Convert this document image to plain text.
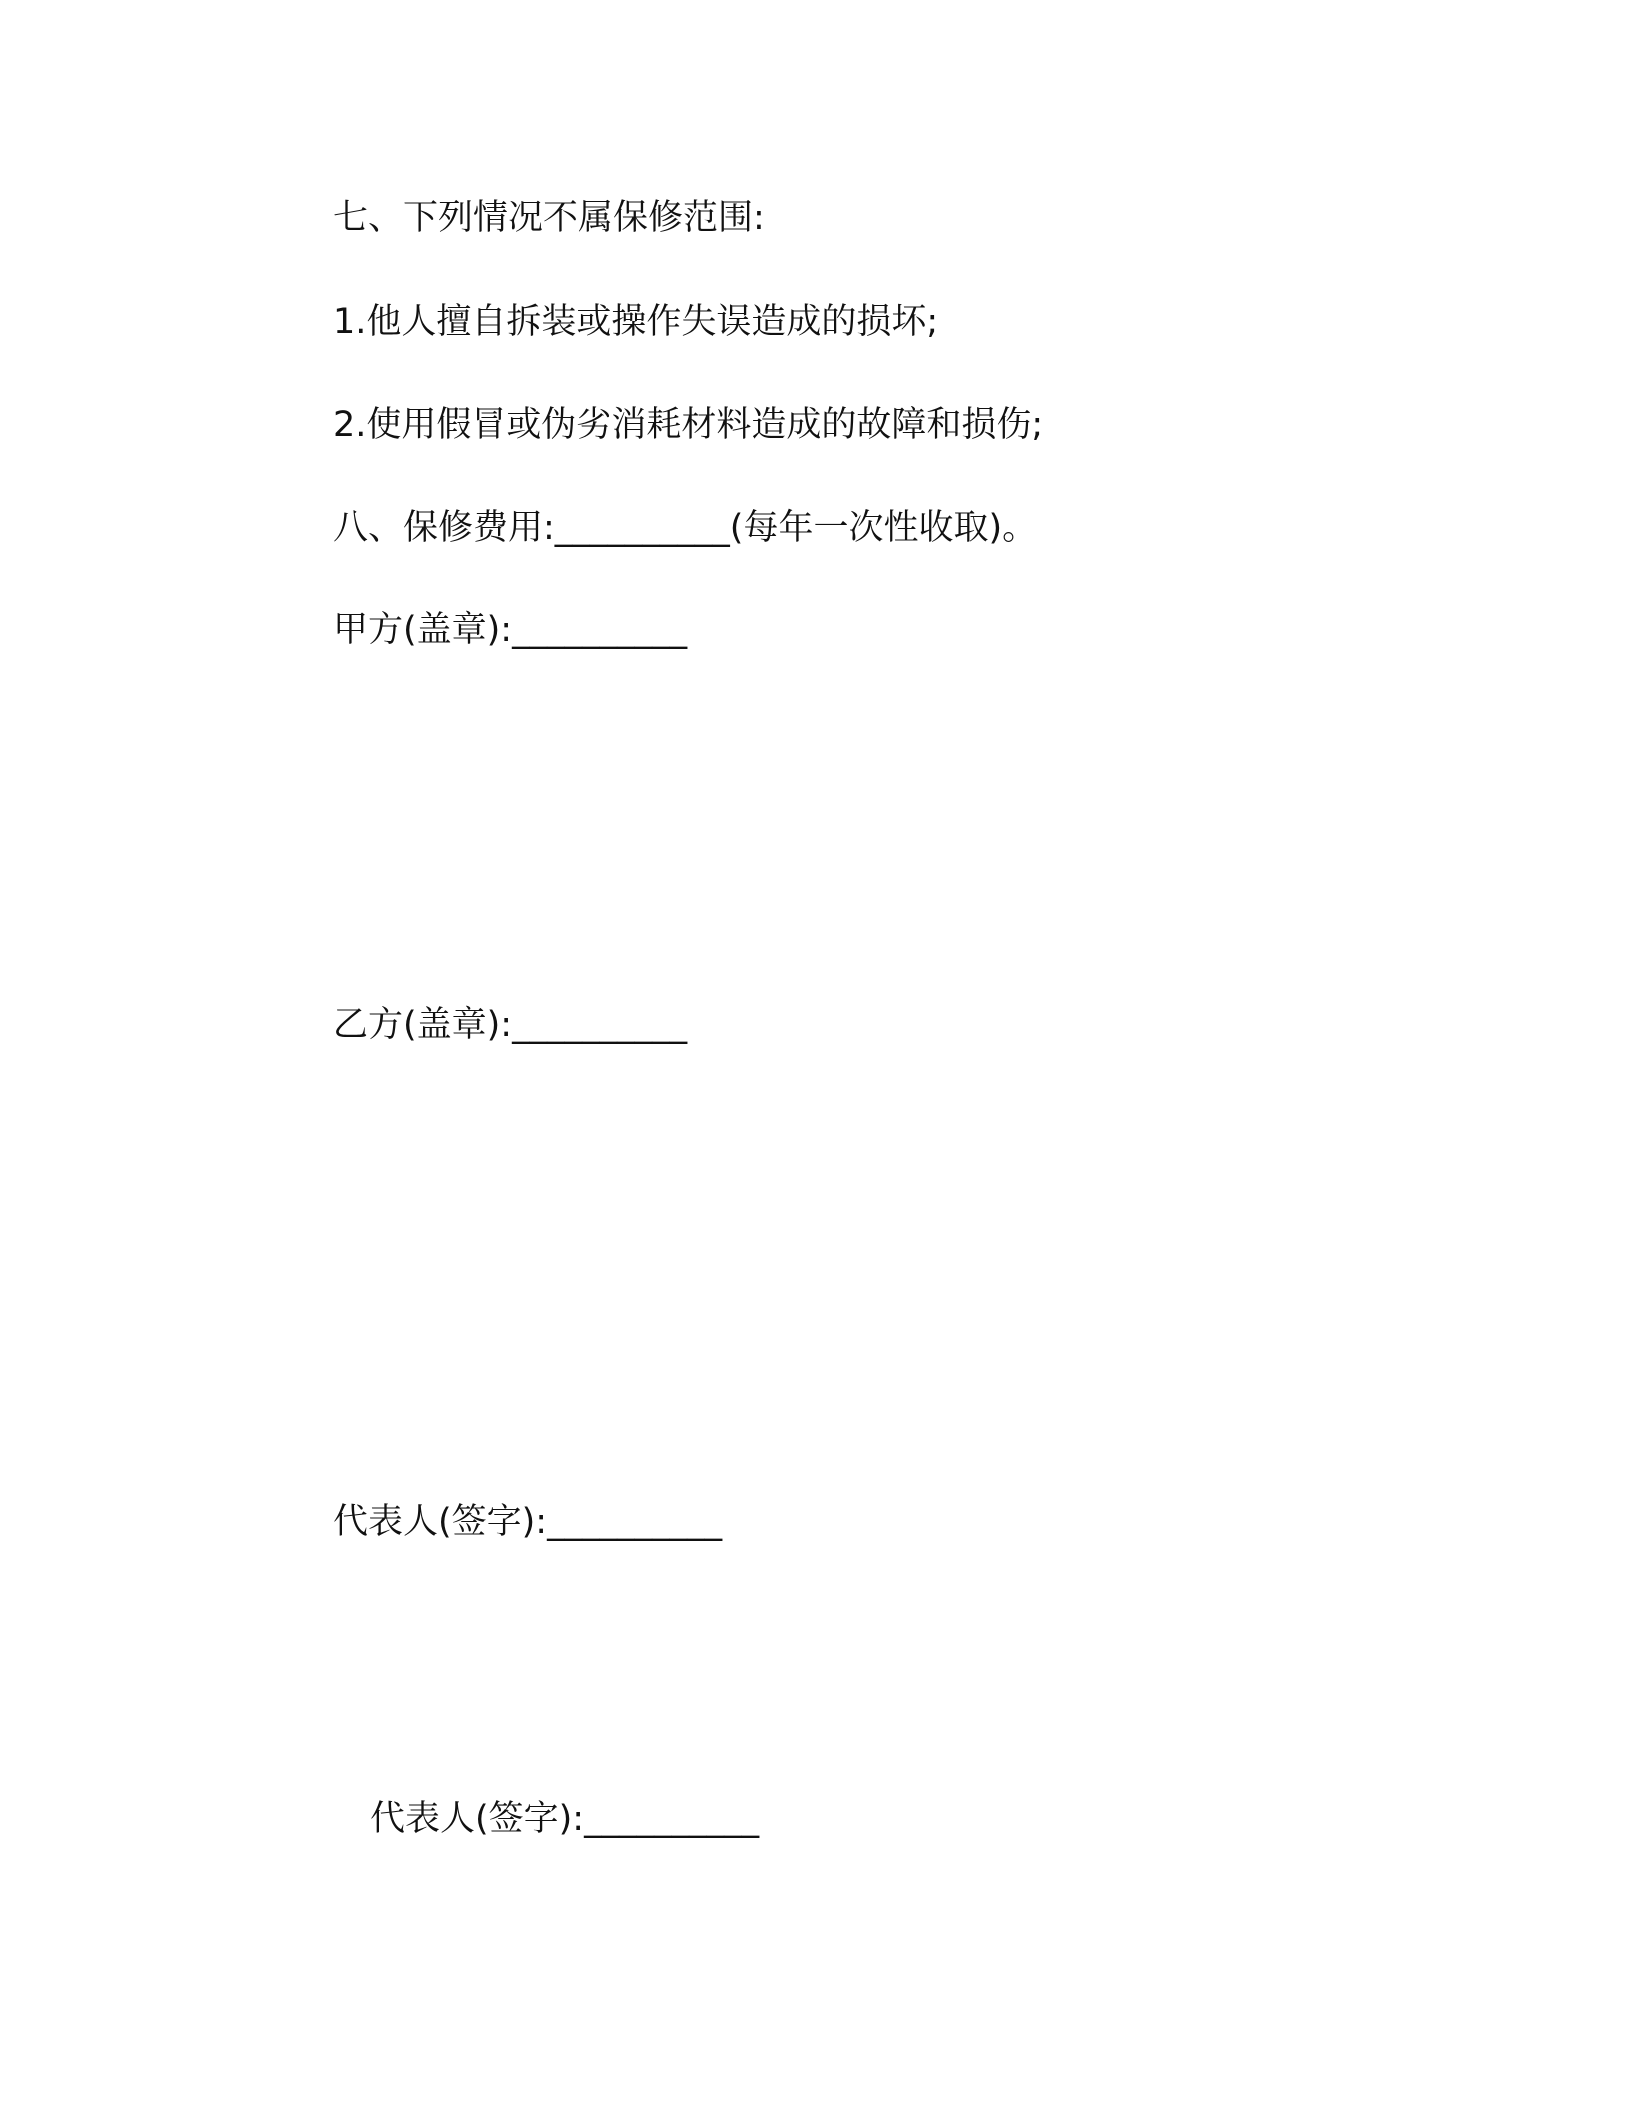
七、下列情况不属保修范围:
1.他人擅自拆装或操作失误造成的损坏;
2.使用假冒或伪劣消耗材料造成的故障和损伤;
八、保修费用:__________(每年一次性收取)。
甲方(盖章):__________
乙方(盖章):__________
代表人(签字):__________
代表人(签字):__________
